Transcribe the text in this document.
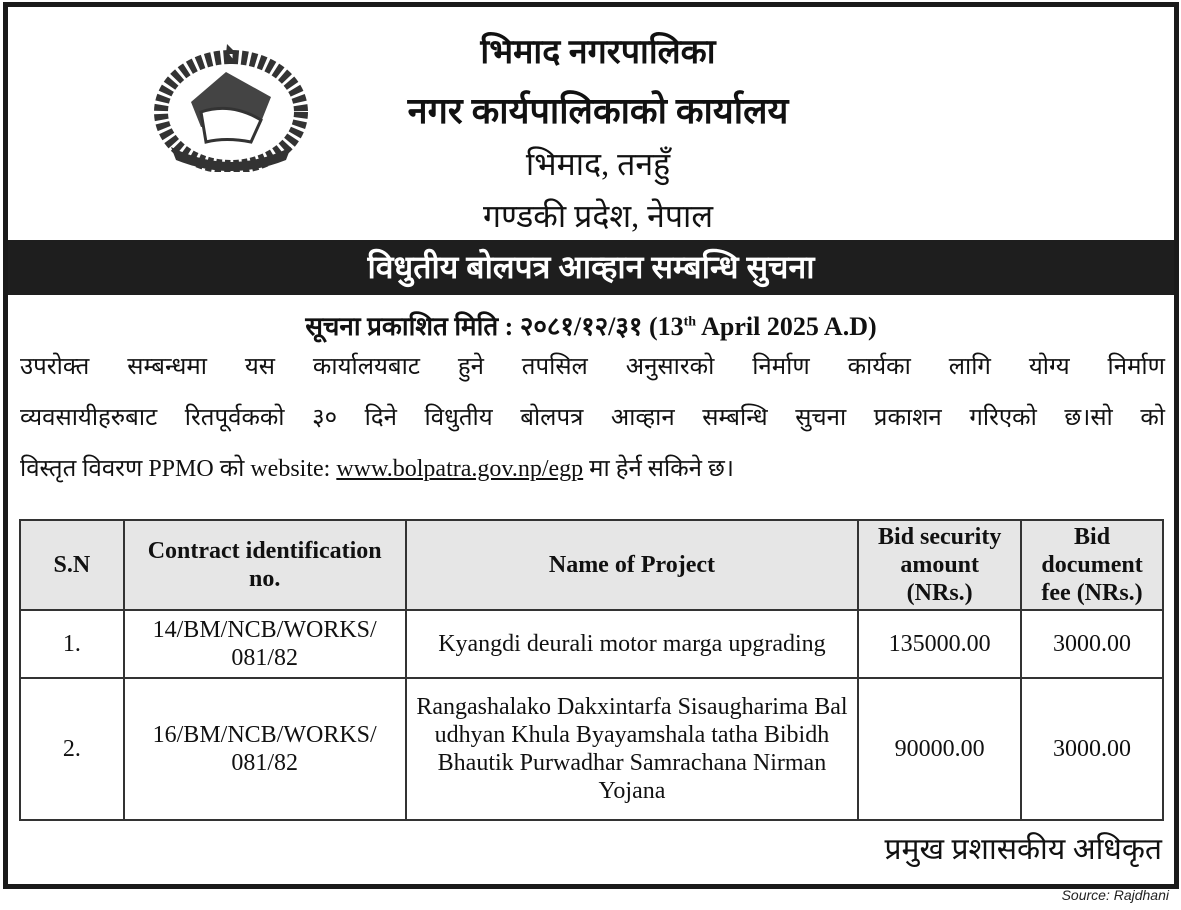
भिमाद नगरपालिका
नगर कार्यपालिकाको कार्यालय
भिमाद, तनहुँ
गण्डकी प्रदेश, नेपाल
विधुतीय बोलपत्र आव्हान सम्बन्धि सुचना
सूचना प्रकाशित मिति : २०८१/१२/३१ (13th April 2025 A.D)
उपरोक्त सम्बन्धमा यस कार्यालयबाट हुने तपसिल अनुसारको निर्माण कार्यका लागि योग्य निर्माण
व्यवसायीहरुबाट रितपूर्वकको ३० दिने विधुतीय बोलपत्र आव्हान सम्बन्धि सुचना प्रकाशन गरिएको छ।सो को
विस्तृत विवरण PPMO को website: www.bolpatra.gov.np/egp मा हेर्न सकिने छ।
S.N	Contract identification no.	Name of Project	Bid security amount (NRs.)	Bid document fee (NRs.)
1.	14/BM/NCB/WORKS/ 081/82	Kyangdi deurali motor marga upgrading	135000.00	3000.00
2.	16/BM/NCB/WORKS/ 081/82	Rangashalako Dakxintarfa Sisaugharima Bal udhyan Khula Byayamshala tatha Bibidh Bhautik Purwadhar Samrachana Nirman Yojana	90000.00	3000.00
प्रमुख प्रशासकीय अधिकृत
Source: Rajdhani
